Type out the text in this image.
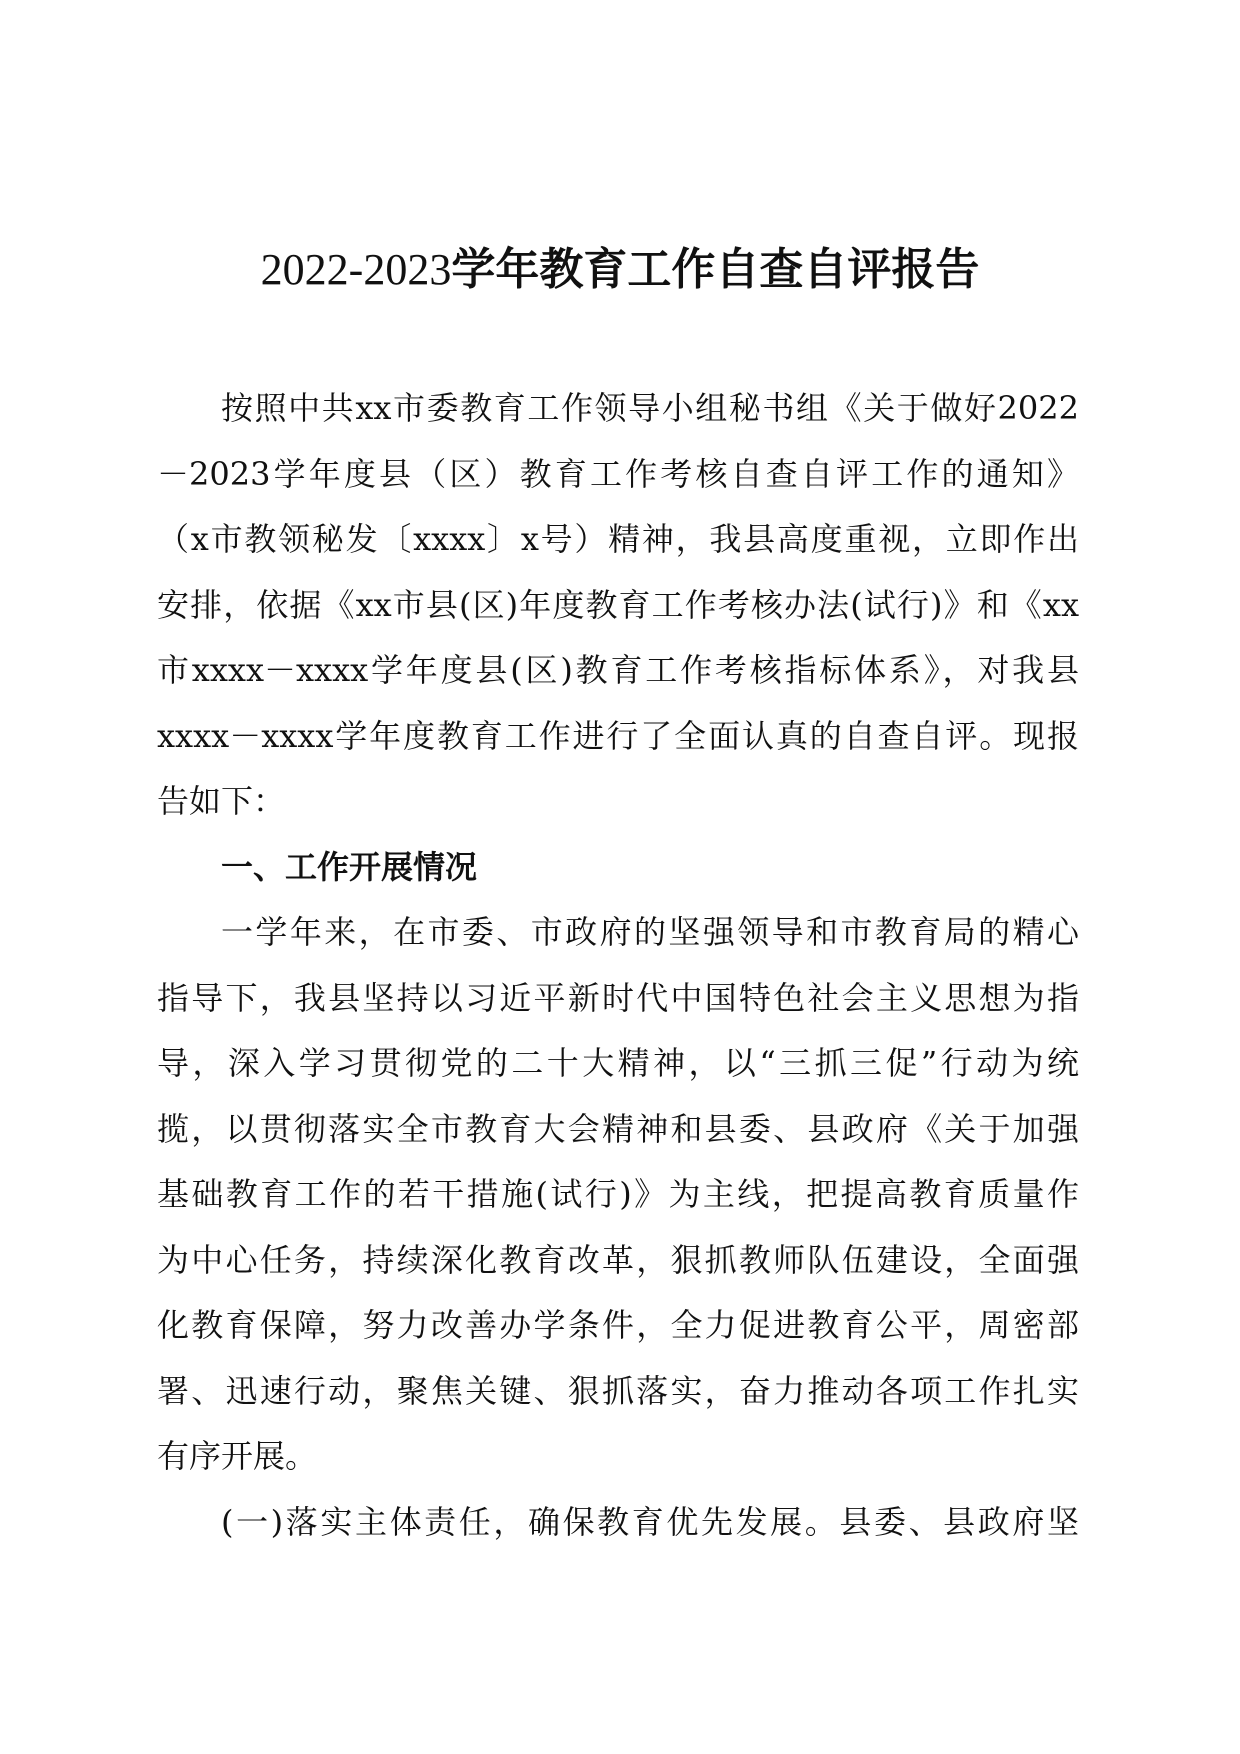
2022-2023学年教育工作自查自评报告
按照中共xx市委教育工作领导小组秘书组《关于做好2022
－2023学年度县（区）教育工作考核自查自评工作的通知》
（x市教领秘发〔xxxx〕x号）精神，我县高度重视，立即作出
安排，依据《xx市县(区)年度教育工作考核办法(试行)》和《xx
市xxxx－xxxx学年度县(区)教育工作考核指标体系》，对我县
xxxx－xxxx学年度教育工作进行了全面认真的自查自评。现报
告如下：
一、工作开展情况
一学年来，在市委、市政府的坚强领导和市教育局的精心
指导下，我县坚持以习近平新时代中国特色社会主义思想为指
导，深入学习贯彻党的二十大精神，以“三抓三促”行动为统
揽，以贯彻落实全市教育大会精神和县委、县政府《关于加强
基础教育工作的若干措施(试行)》为主线，把提高教育质量作
为中心任务，持续深化教育改革，狠抓教师队伍建设，全面强
化教育保障，努力改善办学条件，全力促进教育公平，周密部
署、迅速行动，聚焦关键、狠抓落实，奋力推动各项工作扎实
有序开展。
(一)落实主体责任，确保教育优先发展。县委、县政府坚
